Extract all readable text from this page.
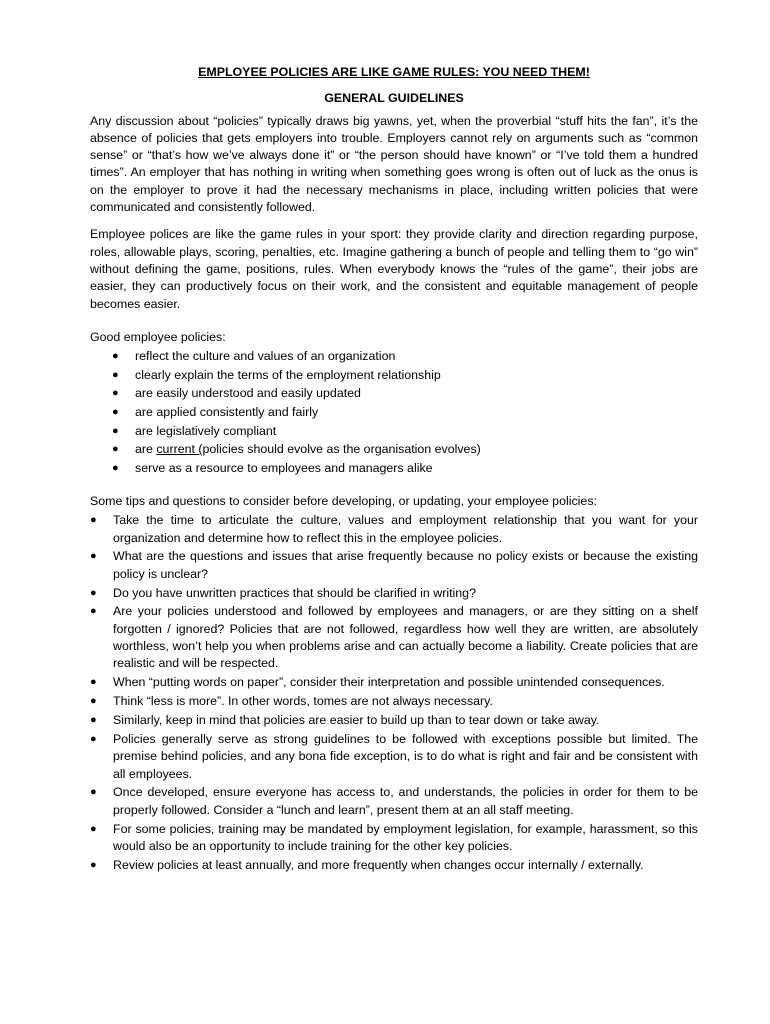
EMPLOYEE POLICIES ARE LIKE GAME RULES: YOU NEED THEM!

GENERAL GUIDELINES

Any discussion about “policies” typically draws big yawns, yet, when the proverbial “stuff hits the fan”, it’s the absence of policies that gets employers into trouble. Employers cannot rely on arguments such as “common sense” or “that’s how we’ve always done it” or “the person should have known” or “I’ve told them a hundred times”. An employer that has nothing in writing when something goes wrong is often out of luck as the onus is on the employer to prove it had the necessary mechanisms in place, including written policies that were communicated and consistently followed.

Employee polices are like the game rules in your sport: they provide clarity and direction regarding purpose, roles, allowable plays, scoring, penalties, etc. Imagine gathering a bunch of people and telling them to “go win” without defining the game, positions, rules. When everybody knows the “rules of the game”, their jobs are easier, they can productively focus on their work, and the consistent and equitable management of people becomes easier.

Good employee policies:

● reflect the culture and values of an organization
● clearly explain the terms of the employment relationship
● are easily understood and easily updated
● are applied consistently and fairly
● are legislatively compliant
● are current (policies should evolve as the organisation evolves)
● serve as a resource to employees and managers alike

Some tips and questions to consider before developing, or updating, your employee policies:

● Take the time to articulate the culture, values and employment relationship that you want for your organization and determine how to reflect this in the employee policies.
● What are the questions and issues that arise frequently because no policy exists or because the existing policy is unclear?
● Do you have unwritten practices that should be clarified in writing?
● Are your policies understood and followed by employees and managers, or are they sitting on a shelf forgotten / ignored? Policies that are not followed, regardless how well they are written, are absolutely worthless, won’t help you when problems arise and can actually become a liability. Create policies that are realistic and will be respected.
● When “putting words on paper”, consider their interpretation and possible unintended consequences.
● Think “less is more”. In other words, tomes are not always necessary.
● Similarly, keep in mind that policies are easier to build up than to tear down or take away.
● Policies generally serve as strong guidelines to be followed with exceptions possible but limited. The premise behind policies, and any bona fide exception, is to do what is right and fair and be consistent with all employees.
● Once developed, ensure everyone has access to, and understands, the policies in order for them to be properly followed. Consider a “lunch and learn”, present them at an all staff meeting.
● For some policies, training may be mandated by employment legislation, for example, harassment, so this would also be an opportunity to include training for the other key policies.
● Review policies at least annually, and more frequently when changes occur internally / externally.
